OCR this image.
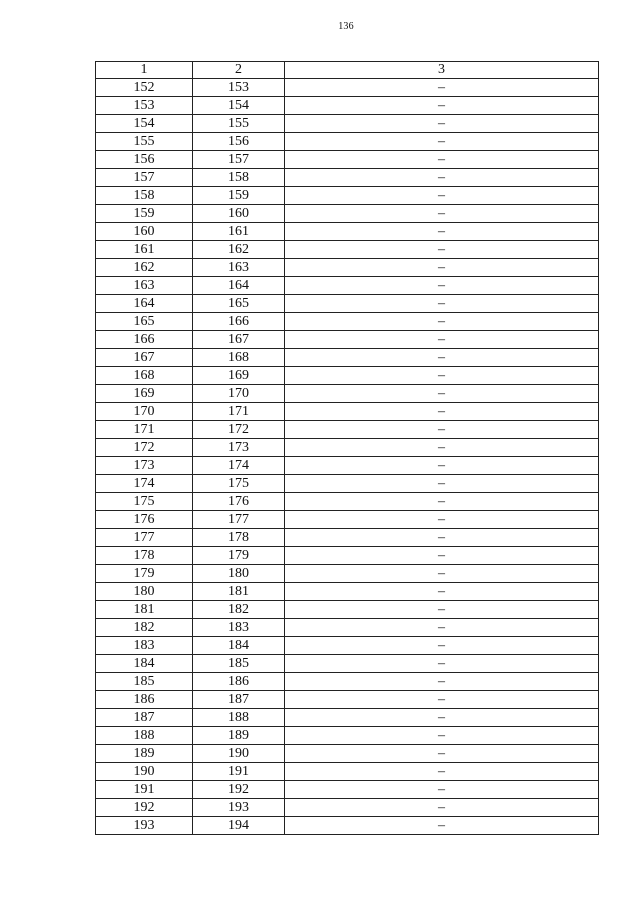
136
1	2	3
152	153	–
153	154	–
154	155	–
155	156	–
156	157	–
157	158	–
158	159	–
159	160	–
160	161	–
161	162	–
162	163	–
163	164	–
164	165	–
165	166	–
166	167	–
167	168	–
168	169	–
169	170	–
170	171	–
171	172	–
172	173	–
173	174	–
174	175	–
175	176	–
176	177	–
177	178	–
178	179	–
179	180	–
180	181	–
181	182	–
182	183	–
183	184	–
184	185	–
185	186	–
186	187	–
187	188	–
188	189	–
189	190	–
190	191	–
191	192	–
192	193	–
193	194	–
